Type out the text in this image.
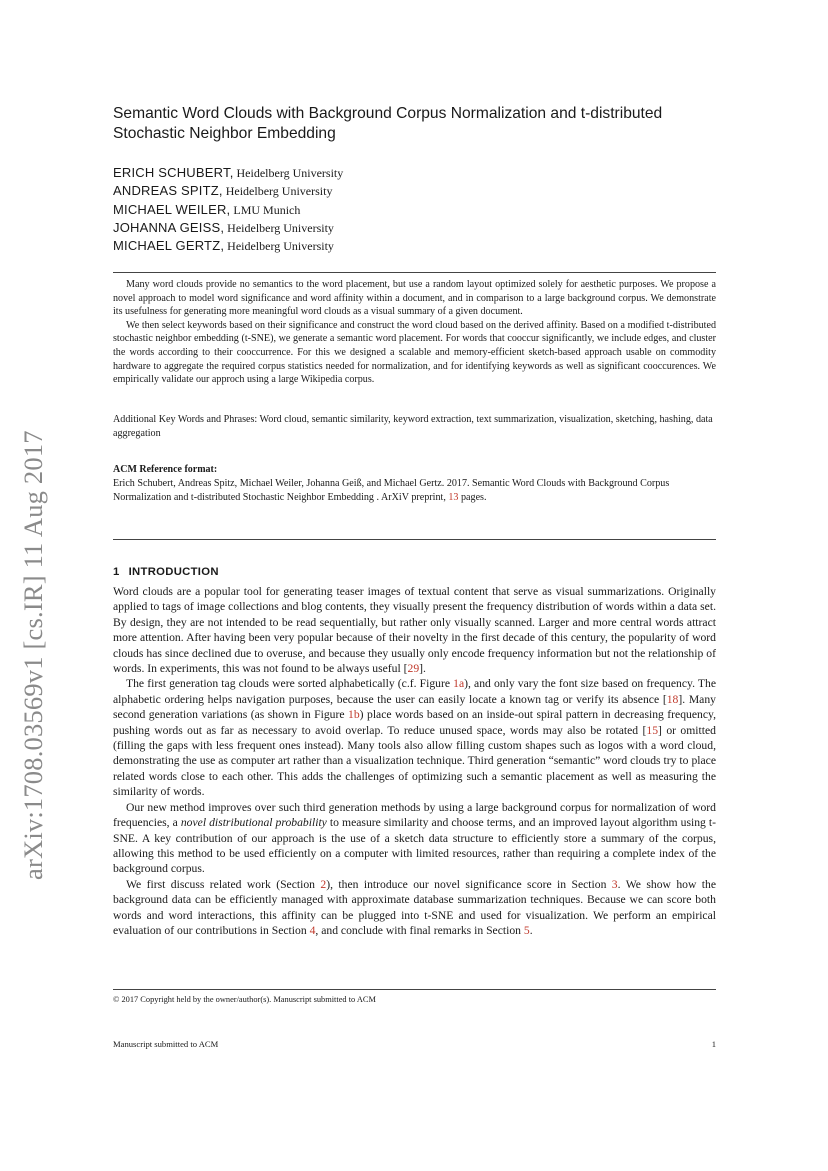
arXiv:1708.03569v1 [cs.IR] 11 Aug 2017
Semantic Word Clouds with Background Corpus Normalization and t-distributed Stochastic Neighbor Embedding
ERICH SCHUBERT, Heidelberg University
ANDREAS SPITZ, Heidelberg University
MICHAEL WEILER, LMU Munich
JOHANNA GEISS, Heidelberg University
MICHAEL GERTZ, Heidelberg University

Many word clouds provide no semantics to the word placement, but use a random layout optimized solely for aesthetic purposes. We propose a novel approach to model word significance and word affinity within a document, and in comparison to a large background corpus. We demonstrate its usefulness for generating more meaningful word clouds as a visual summary of a given document.

We then select keywords based on their significance and construct the word cloud based on the derived affinity. Based on a modified t-distributed stochastic neighbor embedding (t-SNE), we generate a semantic word placement. For words that cooccur significantly, we include edges, and cluster the words according to their cooccurrence. For this we designed a scalable and memory-efficient sketch-based approach usable on commodity hardware to aggregate the required corpus statistics needed for normalization, and for identifying keywords as well as significant cooccurences. We empirically validate our approch using a large Wikipedia corpus.

Additional Key Words and Phrases: Word cloud, semantic similarity, keyword extraction, text summarization, visualization, sketching, hashing, data aggregation
ACM Reference format:
Erich Schubert, Andreas Spitz, Michael Weiler, Johanna Geiß, and Michael Gertz. 2017. Semantic Word Clouds with Background Corpus Normalization and t-distributed Stochastic Neighbor Embedding . ArXiV preprint, 13 pages.
1 INTRODUCTION

Word clouds are a popular tool for generating teaser images of textual content that serve as visual summarizations. Originally applied to tags of image collections and blog contents, they visually present the frequency distribution of words within a data set. By design, they are not intended to be read sequentially, but rather only visually scanned. Larger and more central words attract more attention. After having been very popular because of their novelty in the first decade of this century, the popularity of word clouds has since declined due to overuse, and because they usually only encode frequency information but not the relationship of words. In experiments, this was not found to be always useful [29].

The first generation tag clouds were sorted alphabetically (c.f. Figure 1a), and only vary the font size based on frequency. The alphabetic ordering helps navigation purposes, because the user can easily locate a known tag or verify its absence [18]. Many second generation variations (as shown in Figure 1b) place words based on an inside-out spiral pattern in decreasing frequency, pushing words out as far as necessary to avoid overlap. To reduce unused space, words may also be rotated [15] or omitted (filling the gaps with less frequent ones instead). Many tools also allow filling custom shapes such as logos with a word cloud, demonstrating the use as computer art rather than a visualization technique. Third generation “semantic” word clouds try to place related words close to each other. This adds the challenges of optimizing such a semantic placement as well as measuring the similarity of words.

Our new method improves over such third generation methods by using a large background corpus for normalization of word frequencies, a novel distributional probability to measure similarity and choose terms, and an improved layout algorithm using t-SNE. A key contribution of our approach is the use of a sketch data structure to efficiently store a summary of the corpus, allowing this method to be used efficiently on a computer with limited resources, rather than requiring a complete index of the background corpus.

We first discuss related work (Section 2), then introduce our novel significance score in Section 3. We show how the background data can be efficiently managed with approximate database summarization techniques. Because we can score both words and word interactions, this affinity can be plugged into t-SNE and used for visualization. We perform an empirical evaluation of our contributions in Section 4, and conclude with final remarks in Section 5.

© 2017 Copyright held by the owner/author(s). Manuscript submitted to ACM
Manuscript submitted to ACM	1
